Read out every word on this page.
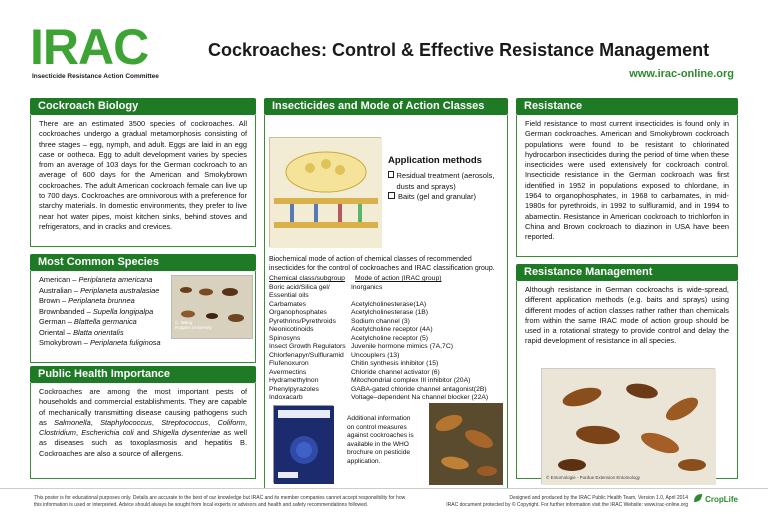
IRAC
Insecticide Resistance Action Committee
Cockroaches: Control & Effective Resistance Management
www.irac-online.org
Cockroach Biology

There are an estimated 3500 species of cockroaches. All cockroaches undergo a gradual metamorphosis consisting of three stages – egg, nymph, and adult. Eggs are laid in an egg case or ootheca. Egg to adult development varies by species from an average of 103 days for the German cockroach to an average of 600 days for the American and Smokybrown cockroaches. The adult American cockroach female can live up to 700 days. Cockroaches are omnivorous with a preference for starchy materials. In domestic environments, they prefer to live near hot water pipes, moist kitchen sinks, behind stoves and refrigerators, and in cracks and crevices.

Most Common Species
American – Periplaneta americana
Australian – Periplaneta australasiae
Brown – Periplaneta brunnea
Brownbanded – Supella longipalpa
German – Blattella germanica
Oriental – Blatta orientalis
Smokybrown – Periplaneta fuliginosa
C. Wang
Rutgers University
Public Health Importance

Cockroaches are among the most important pests of households and commercial establishments. They are capable of mechanically transmitting disease causing pathogens such as Salmonella, Staphylococcus, Streptococcus, Coliform, Clostridium, Escherichia coli and Shigella dysenteriae as well as diseases such as toxoplasmosis and hepatitis B. Cockroaches are also a source of allergens.

Insecticides and Mode of Action Classes
Application methods
Residual treatment (aerosols, dusts and sprays)
Baits (gel and granular)
Biochemical mode of action of chemical classes of recommended insecticides for the control of cockroaches and IRAC classification group.
Chemical class/subgroup	Mode of action (IRAC group)
Boric acid/Silica gel/ Essential oils
Inorganics
Carbamates	Acetylcholinesterase(1A)
Organophosphates	Acetylcholinesterase (1B)
Pyrethrins/Pyrethroids	Sodium channel (3)
Neonicotinoids	Acetylcholine receptor (4A)
Spinosyns	Acetylcholine receptor (5)
Insect Growth Regulators Juvenile hormone mimics (7A,7C)
Chlorfenapyr/Sulfluramid	Uncouplers (13)
Flufenoxuron	Chitin synthesis inhibitor (15)
Avermectins	Chloride channel activator (6)
Hydramethylnon	Mitochondrial complex III inhibitor (20A)
Phenylpyrazoles	GABA-gated chloride channel antagonist(2B)
Indoxacarb	Voltage–dependent Na channel blocker (22A)
Additional information on control measures against cockroaches is available in the WHO brochure on pesticide application.
Resistance

Field resistance to most current insecticides is found only in German cockroaches. American and Smokybrown cockroach populations were found to be resistant to chlorinated hydrocarbon insecticides during the period of time when these insecticides were used extensively for cockroach control. Insecticide resistance in the German cockroach was first identified in 1952 in populations exposed to chlordane, in 1964 to organophosphates, in 1968 to carbamates, in mid-1980s for pyrethroids, in 1992 to sulfluramid, and in 1994 to abamectin. Resistance in American cockroach to trichlorfon in China and Brown cockroach to diazinon in USA have been reported.

Resistance Management

Although resistance in German cockroachs is wide-spread, different application methods (e.g. baits and sprays) using different modes of action classes rather rather than chemicals from within the same IRAC mode of action group should be used in a rotational strategy to provide control and delay the rapid development of resistance in all species.

© Entomologie - Purdue Extension Entomology
This poster is for educational purposes only. Details are accurate to the best of our knowledge but IRAC and its member companies cannot accept responsibility for how this information is used or interpreted. Advice should always be sought from local experts or advisors and health and safety recommendations followed.
Designed and produced by the IRAC Public Health Team, Version 1.0, April 2014
IRAC document protected by © Copyright. For further information visit the IRAC Website: www.irac-online.org
CropLife
